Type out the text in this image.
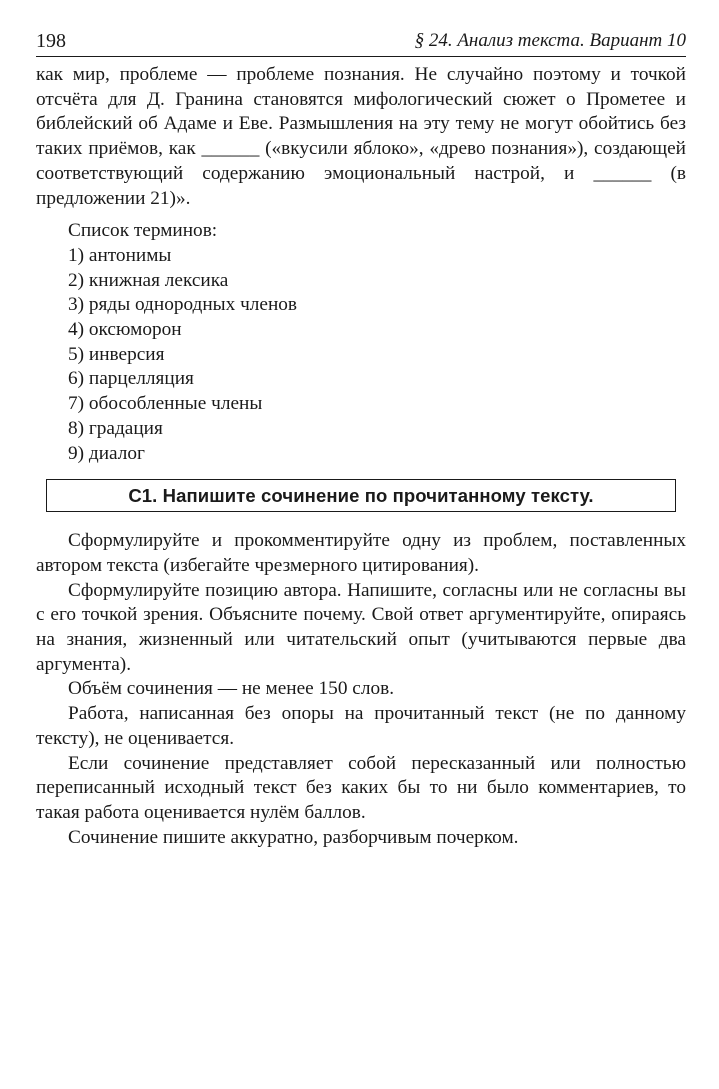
198	§ 24. Анализ текста. Вариант 10

как мир, проблеме — проблеме познания. Не случайно поэтому и точкой отсчёта для Д. Гранина становятся мифологический сюжет о Прометее и библейский об Адаме и Еве. Размышления на эту тему не могут обойтись без таких приёмов, как ______ («вкусили яблоко», «древо познания»), создающей соответствующий содержанию эмоциональный настрой, и ______ (в предложении 21)».

Список терминов:

1) антонимы
2) книжная лексика
3) ряды однородных членов
4) оксюморон
5) инверсия
6) парцелляция
7) обособленные члены
8) градация
9) диалог
C1. Напишите сочинение по прочитанному тексту.

Сформулируйте и прокомментируйте одну из проблем, поставленных автором текста (избегайте чрезмерного цитирования).

Сформулируйте позицию автора. Напишите, согласны или не согласны вы с его точкой зрения. Объясните почему. Свой ответ аргументируйте, опираясь на знания, жизненный или читательский опыт (учитываются первые два аргумента).

Объём сочинения — не менее 150 слов.

Работа, написанная без опоры на прочитанный текст (не по данному тексту), не оценивается.

Если сочинение представляет собой пересказанный или полностью переписанный исходный текст без каких бы то ни было комментариев, то такая работа оценивается нулём баллов.

Сочинение пишите аккуратно, разборчивым почерком.
